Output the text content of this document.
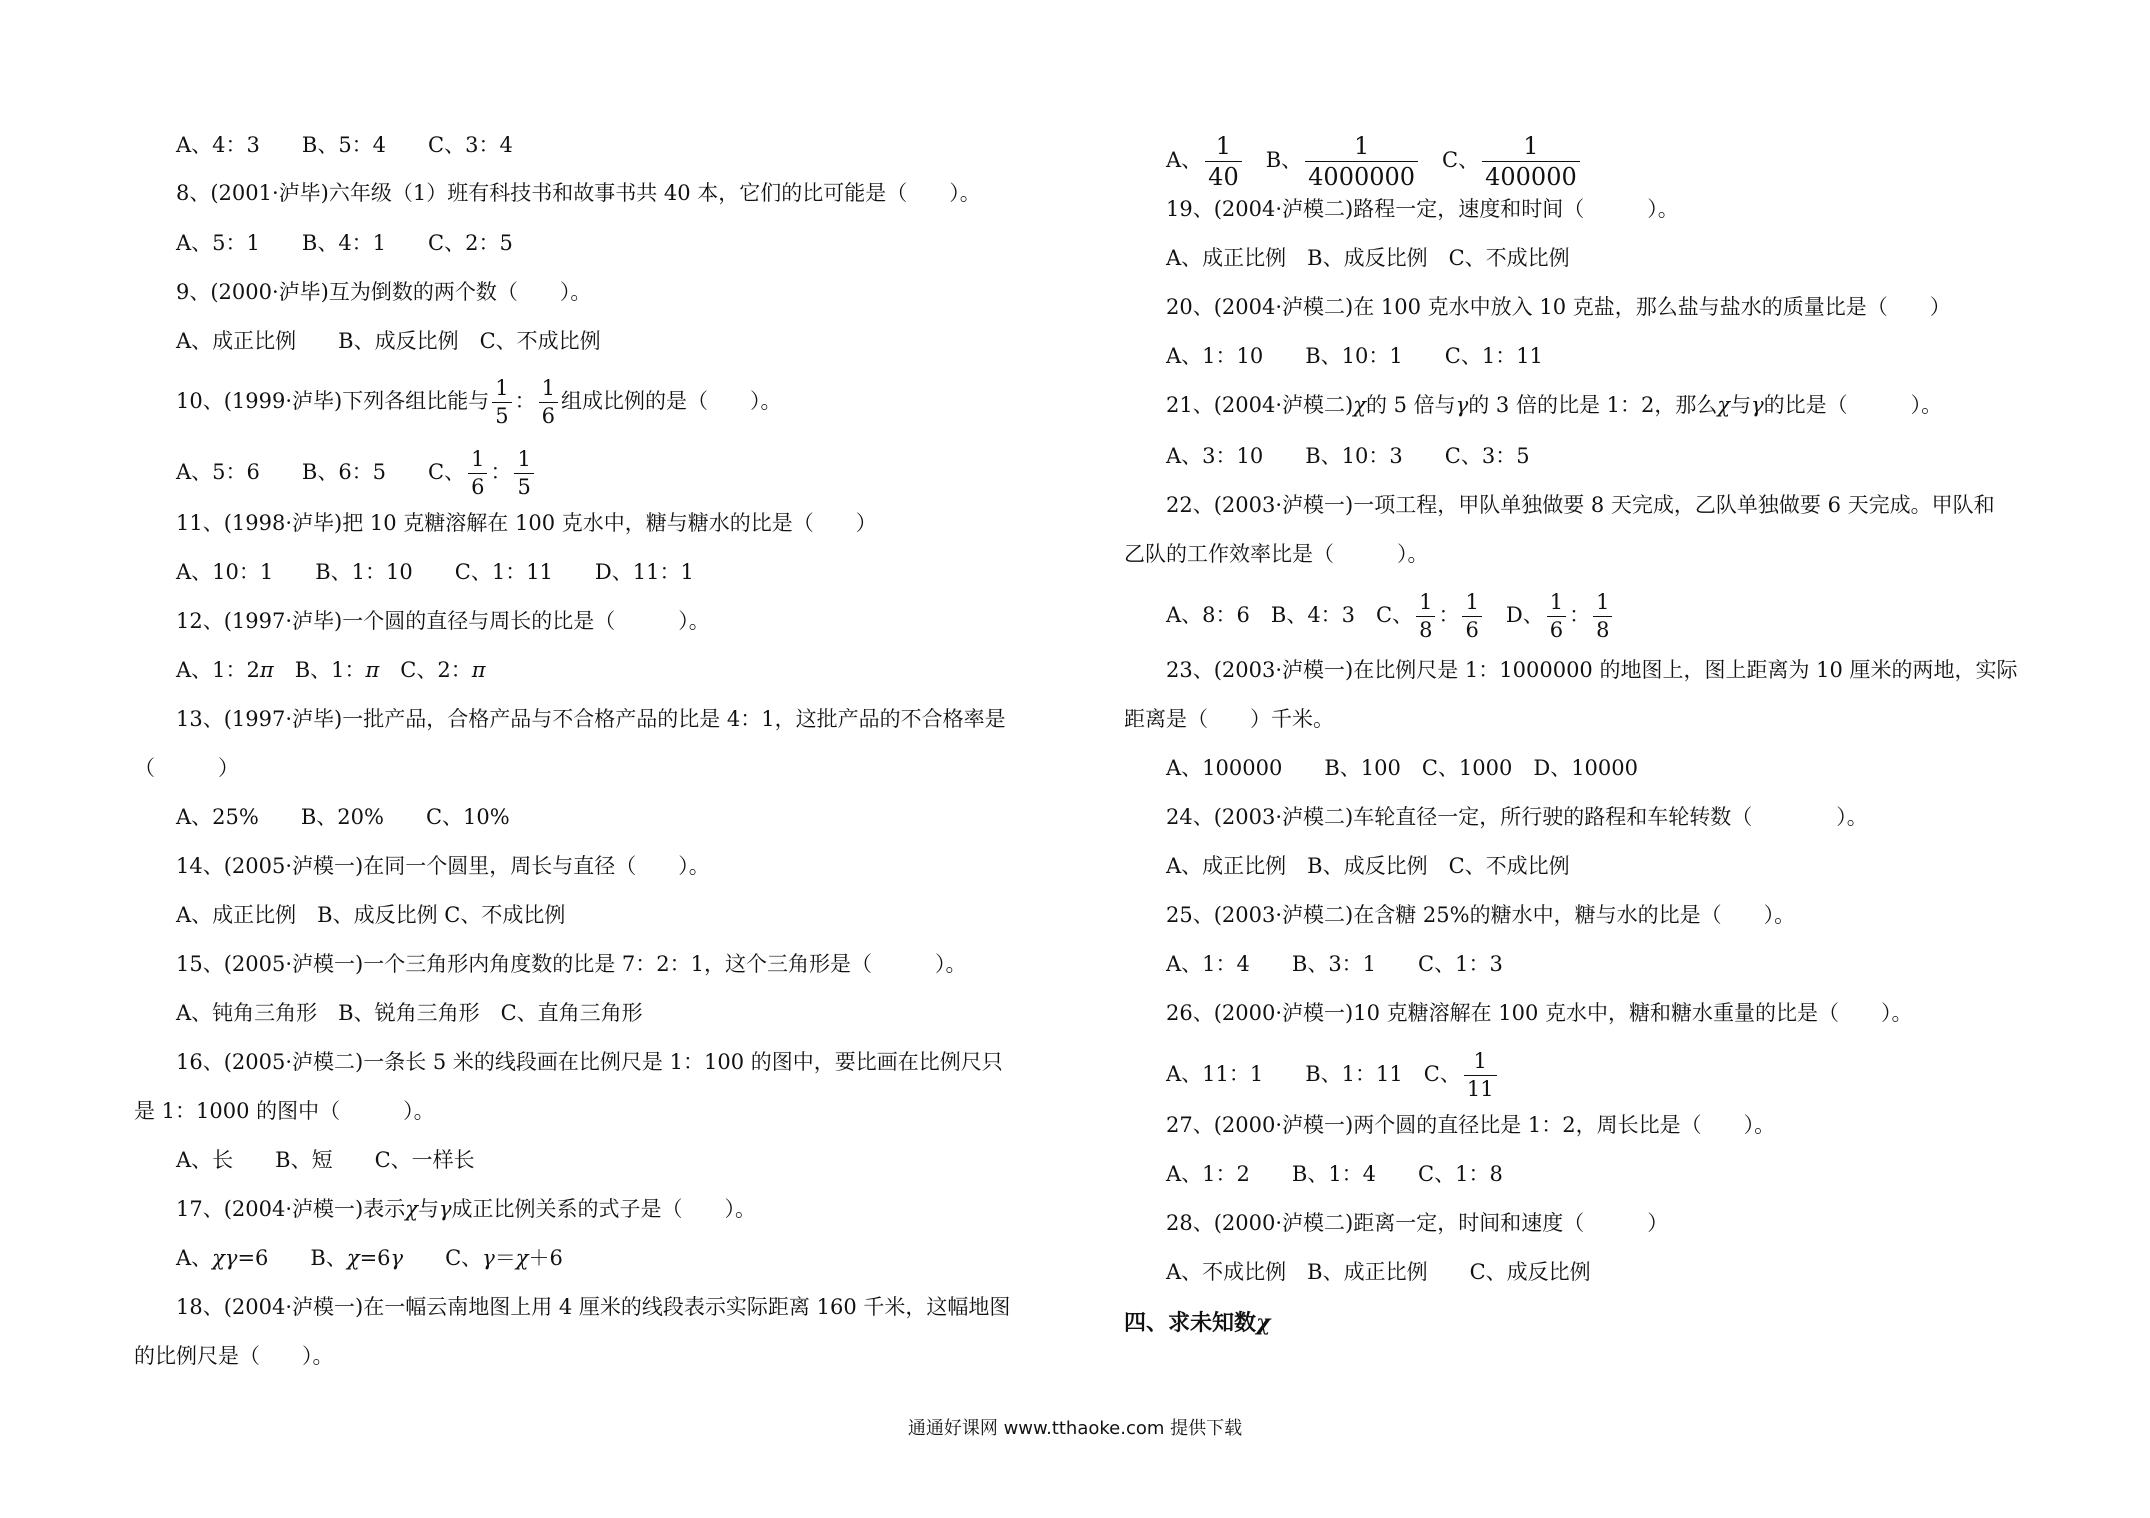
A、4：3　　B、5：4　　C、3：4
8、(2001·泸毕)六年级（1）班有科技书和故事书共 40 本，它们的比可能是（　　）。
A、5：1　　B、4：1　　C、2：5
9、(2000·泸毕)互为倒数的两个数（　　）。
A、成正比例　　B、成反比例　C、不成比例
10、(1999·泸毕)下列各组比能与 $\frac{1}{5}$ ： $\frac{1}{6}$ 组成比例的是（　　）。
A、5：6　　B、6：5　　C、 $\frac{1}{6}$ ： $\frac{1}{5}$
11、(1998·泸毕)把 10 克糖溶解在 100 克水中，糖与糖水的比是（　　）
A、10：1　　B、1：10　　C、1：11　　D、11：1
12、(1997·泸毕)一个圆的直径与周长的比是（　　　）。
A、1：2π　B、1：π　C、2：π
13、(1997·泸毕)一批产品，合格产品与不合格产品的比是 4：1，这批产品的不合格率是
（　　　）
A、25%　　B、20%　　C、10%
14、(2005·泸模一)在同一个圆里，周长与直径（　　）。
A、成正比例　B、成反比例 C、不成比例
15、(2005·泸模一)一个三角形内角度数的比是 7：2：1，这个三角形是（　　　）。
A、钝角三角形　B、锐角三角形　C、直角三角形
16、(2005·泸模二)一条长 5 米的线段画在比例尺是 1：100 的图中，要比画在比例尺只
是 1：1000 的图中（　　　）。
A、长　　B、短　　C、一样长
17、(2004·泸模一)表示χ与γ成正比例关系的式子是（　　）。
A、χγ=6　　B、χ=6γ　　C、γ＝χ＋6
18、(2004·泸模一)在一幅云南地图上用 4 厘米的线段表示实际距离 160 千米，这幅地图
的比例尺是（　　）。
A、 $\frac{1}{40}$ 　B、 $\frac{1}{4000000}$ 　C、 $\frac{1}{400000}$
19、(2004·泸模二)路程一定，速度和时间（　　　）。
A、成正比例　B、成反比例　C、不成比例
20、(2004·泸模二)在 100 克水中放入 10 克盐，那么盐与盐水的质量比是（　　）
A、1：10　　B、10：1　　C、1：11
21、(2004·泸模二)χ的 5 倍与γ的 3 倍的比是 1：2，那么χ与γ的比是（　　　）。
A、3：10　　B、10：3　　C、3：5
22、(2003·泸模一)一项工程，甲队单独做要 8 天完成，乙队单独做要 6 天完成。甲队和
乙队的工作效率比是（　　　）。
A、8：6　B、4：3　C、 $\frac{1}{8}$ ： $\frac{1}{6}$ 　D、 $\frac{1}{6}$ ： $\frac{1}{8}$
23、(2003·泸模一)在比例尺是 1：1000000 的地图上，图上距离为 10 厘米的两地，实际
距离是（　　）千米。
A、100000　　B、100　C、1000　D、10000
24、(2003·泸模二)车轮直径一定，所行驶的路程和车轮转数（　　　　）。
A、成正比例　B、成反比例　C、不成比例
25、(2003·泸模二)在含糖 25%的糖水中，糖与水的比是（　　）。
A、1：4　　B、3：1　　C、1：3
26、(2000·泸模一)10 克糖溶解在 100 克水中，糖和糖水重量的比是（　　）。
A、11：1　　B、1：11　C、 $\frac{1}{11}$
27、(2000·泸模一)两个圆的直径比是 1：2，周长比是（　　）。
A、1：2　　B、1：4　　C、1：8
28、(2000·泸模二)距离一定，时间和速度（　　　）
A、不成比例　B、成正比例　　C、成反比例
四、求未知数χ
通通好课网 www.tthaoke.com 提供下载
